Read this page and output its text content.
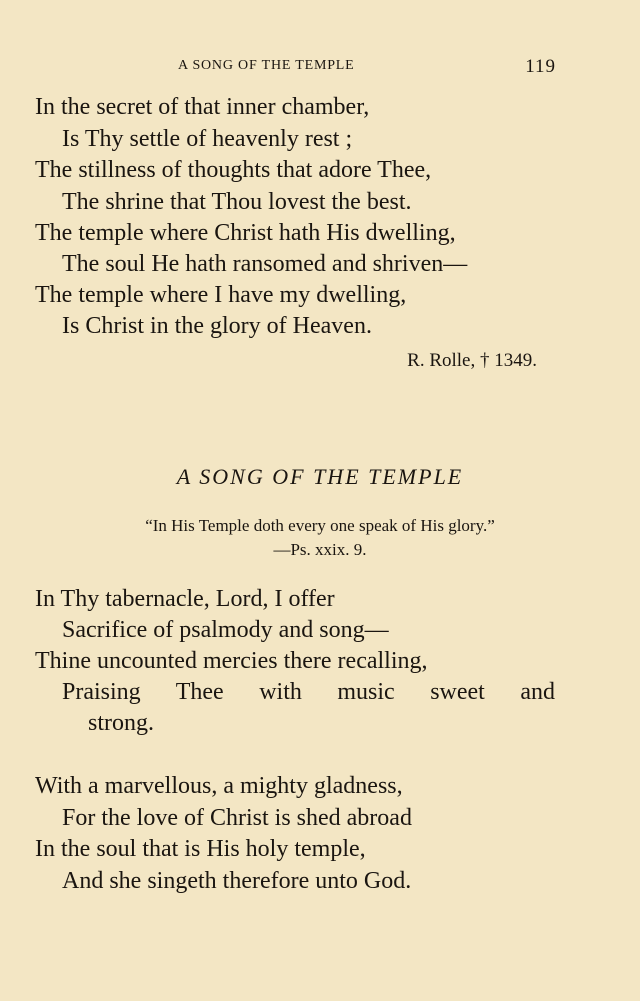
A SONG OF THE TEMPLE	119
In the secret of that inner chamber,
Is Thy settle of heavenly rest ;
The stillness of thoughts that adore Thee,
The shrine that Thou lovest the best.
The temple where Christ hath His dwelling,
The soul He hath ransomed and shriven—
The temple where I have my dwelling,
Is Christ in the glory of Heaven.
R. Rolle, † 1349.
A SONG OF THE TEMPLE
“In His Temple doth every one speak of His glory.”
—Ps. xxix. 9.
In Thy tabernacle, Lord, I offer
Sacrifice of psalmody and song—
Thine uncounted mercies there recalling,
Praising Thee with music sweet and
strong.
With a marvellous, a mighty gladness,
For the love of Christ is shed abroad
In the soul that is His holy temple,
And she singeth therefore unto God.
